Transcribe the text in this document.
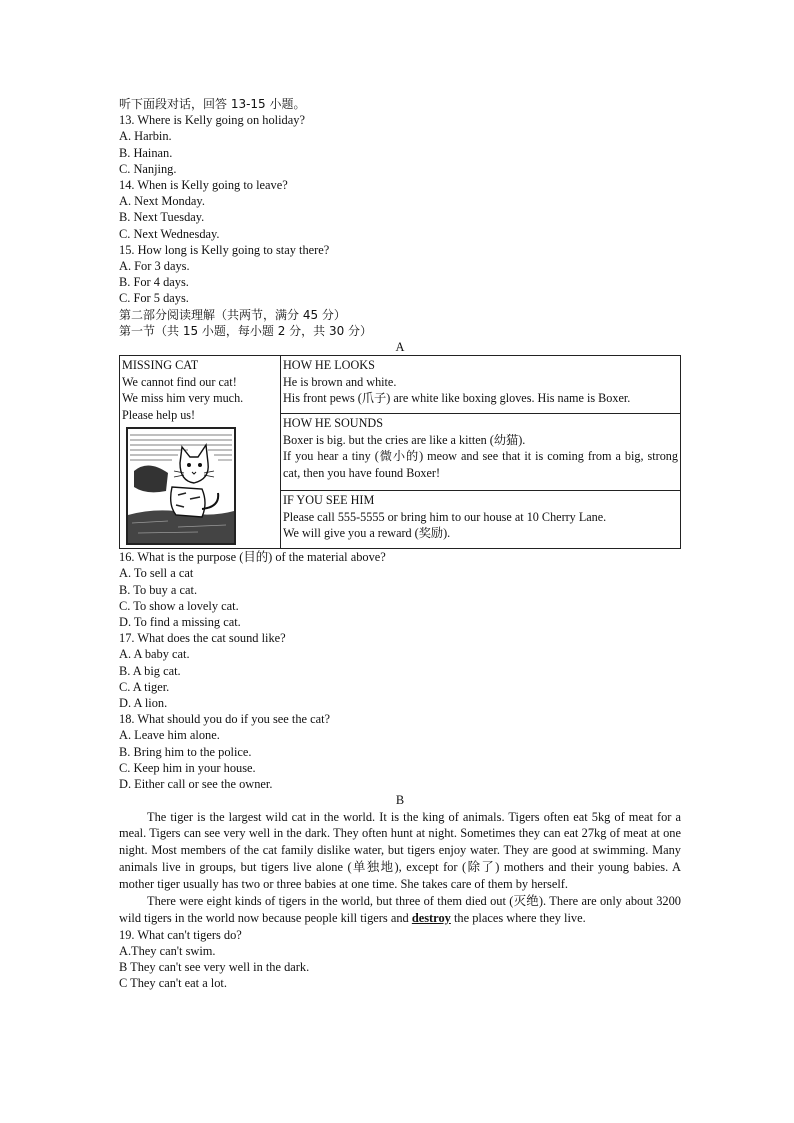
听下面段对话，回答 13-15 小题。
13. Where is Kelly going on holiday?
A. Harbin.
B. Hainan.
C. Nanjing.
14. When is Kelly going to leave?
A. Next Monday.
B. Next Tuesday.
C. Next Wednesday.
15. How long is Kelly going to stay there?
A. For 3 days.
B. For 4 days.
C. For 5 days.
第二部分阅读理解（共两节，满分 45 分）
第一节（共 15 小题，每小题 2 分，共 30 分）
A
MISSING CAT
We cannot find our cat!
We miss him very much.
Please help us!

HOW HE LOOKS
He is brown and white.
His front pews (爪子) are white like boxing gloves. His name is Boxer.

HOW HE SOUNDS
Boxer is big. but the cries are like a kitten (幼猫).
If you hear a tiny (微小的) meow and see that it is coming from a big, strong cat, then you have found Boxer!

IF YOU SEE HIM
Please call 555-5555 or bring him to our house at 10 Cherry Lane.
We will give you a reward (奖励).
16. What is the purpose (目的) of the material above?
A. To sell a cat
B. To buy a cat.
C. To show a lovely cat.
D. To find a missing cat.
17. What does the cat sound like?
A. A baby cat.
B. A big cat.
C. A tiger.
D. A lion.
18. What should you do if you see the cat?
A. Leave him alone.
B. Bring him to the police.
C. Keep him in your house.
D. Either call or see the owner.
B
The tiger is the largest wild cat in the world. It is the king of animals. Tigers often eat 5kg of meat for a meal. Tigers can see very well in the dark. They often hunt at night. Sometimes they can eat 27kg of meat at one night. Most members of the cat family dislike water, but tigers enjoy water. They are good at swimming. Many animals live in groups, but tigers live alone (单独地), except for (除了) mothers and their young babies. A mother tiger usually has two or three babies at one time. She takes care of them by herself.
There were eight kinds of tigers in the world, but three of them died out (灭绝). There are only about 3200 wild tigers in the world now because people kill tigers and destroy the places where they live.
19. What can't tigers do?
A.They can't swim.
B They can't see very well in the dark.
C They can't eat a lot.
